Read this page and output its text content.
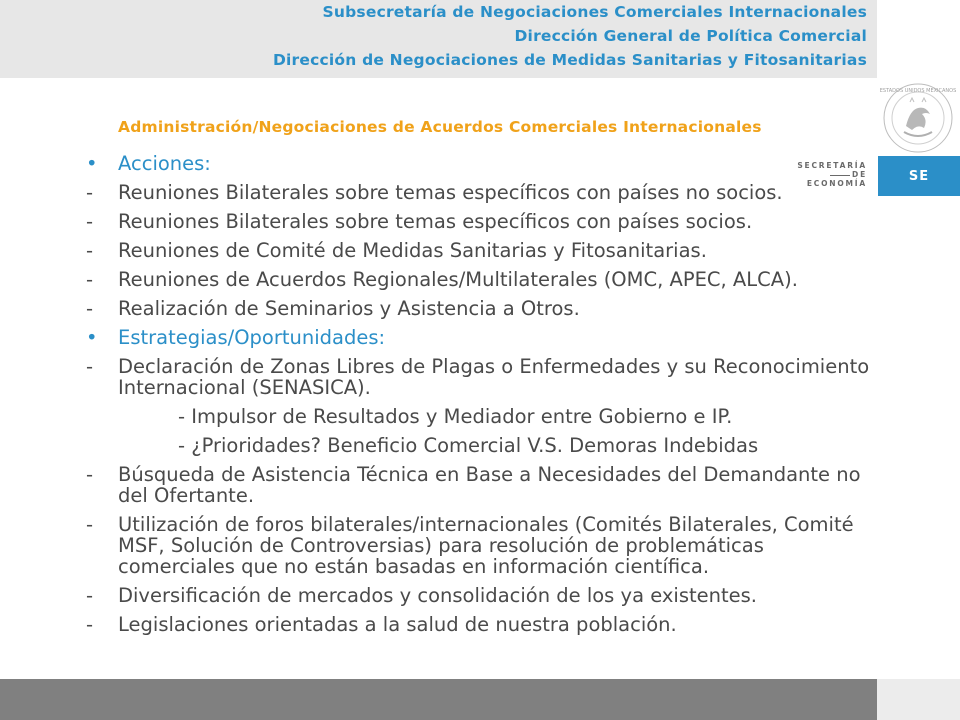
Subsecretaría de Negociaciones Comerciales Internacionales
Dirección General de Política Comercial
Dirección de Negociaciones de Medidas Sanitarias y Fitosanitarias
ESTADOS UNIDOS MEXICANOS
SE
SECRETARÍA
DE ECONOMÍA
Administración/Negociaciones de Acuerdos Comerciales Internacionales
•	Acciones:
-	Reuniones Bilaterales sobre temas específicos con países no socios.
-	Reuniones Bilaterales sobre temas específicos con países socios.
-	Reuniones de Comité de Medidas Sanitarias y Fitosanitarias.
-	Reuniones de Acuerdos Regionales/Multilaterales (OMC, APEC, ALCA).
-	Realización de Seminarios y Asistencia a Otros.
•	Estrategias/Oportunidades:
-	Declaración de Zonas Libres de Plagas o Enfermedades y su Reconocimiento Internacional (SENASICA).
- Impulsor de Resultados y Mediador entre Gobierno e IP.
- ¿Prioridades? Beneficio Comercial V.S. Demoras Indebidas
-	Búsqueda de Asistencia Técnica en Base a Necesidades del Demandante no del Ofertante.
-	Utilización de foros bilaterales/internacionales (Comités Bilaterales, Comité MSF, Solución de Controversias) para resolución de problemáticas comerciales que no están basadas en información científica.
-	Diversificación de mercados y consolidación de los ya existentes.
-	Legislaciones orientadas a la salud de nuestra población.
